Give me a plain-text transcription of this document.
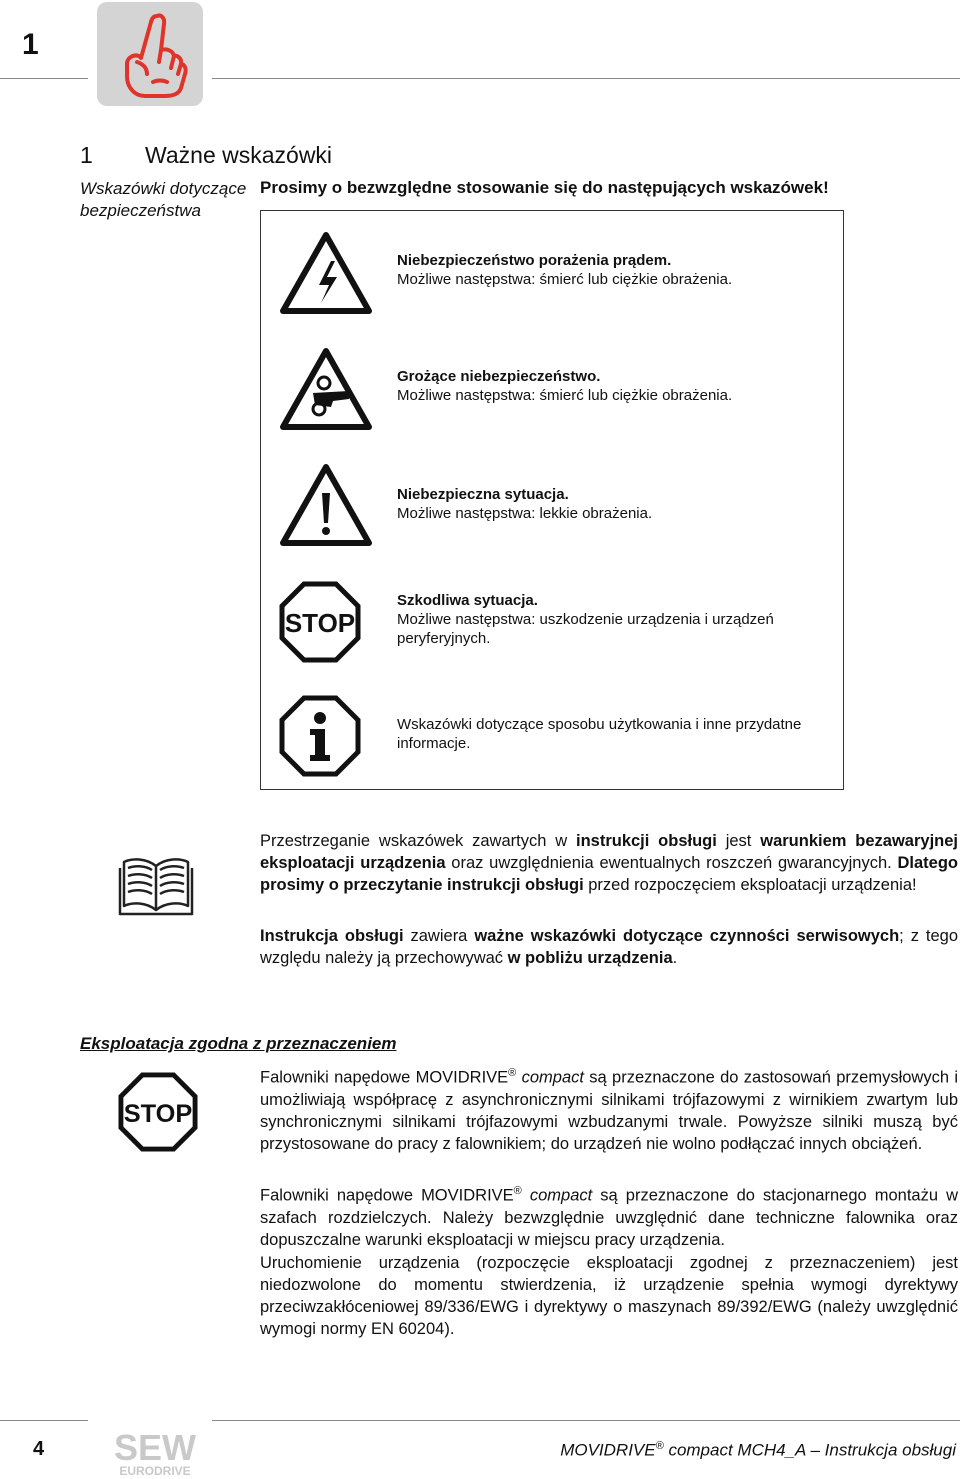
1
1 Ważne wskazówki
Wskazówki dotyczące bezpieczeństwa
Prosimy o bezwzględne stosowanie się do następujących wskazówek!
Niebezpieczeństwo porażenia prądem.
Możliwe następstwa: śmierć lub ciężkie obrażenia.
Grożące niebezpieczeństwo.
Możliwe następstwa: śmierć lub ciężkie obrażenia.
Niebezpieczna sytuacja.
Możliwe następstwa: lekkie obrażenia.
STOP
Szkodliwa sytuacja.
Możliwe następstwa: uszkodzenie urządzenia i urządzeń peryferyjnych.
Wskazówki dotyczące sposobu użytkowania i inne przydatne informacje.
Przestrzeganie wskazówek zawartych w instrukcji obsługi jest warunkiem bezawaryjnej eksploatacji urządzenia oraz uwzględnienia ewentualnych roszczeń gwarancyjnych. Dlatego prosimy o przeczytanie instrukcji obsługi przed rozpoczęciem eksploatacji urządzenia!
Instrukcja obsługi zawiera ważne wskazówki dotyczące czynności serwisowych; z tego względu należy ją przechowywać w pobliżu urządzenia.
Eksploatacja zgodna z przeznaczeniem
STOP
Falowniki napędowe MOVIDRIVE® compact są przeznaczone do zastosowań przemysłowych i umożliwiają współpracę z asynchronicznymi silnikami trójfazowymi z wirnikiem zwartym lub synchronicznymi silnikami trójfazowymi wzbudzanymi trwale. Powyższe silniki muszą być przystosowane do pracy z falownikiem; do urządzeń nie wolno podłączać innych obciążeń.
Falowniki napędowe MOVIDRIVE® compact są przeznaczone do stacjonarnego montażu w szafach rozdzielczych. Należy bezwzględnie uwzględnić dane techniczne falownika oraz dopuszczalne warunki eksploatacji w miejscu pracy urządzenia.
Uruchomienie urządzenia (rozpoczęcie eksploatacji zgodnej z przeznaczeniem) jest niedozwolone do momentu stwierdzenia, iż urządzenie spełnia wymogi dyrektywy przeciwzakłóceniowej 89/336/EWG i dyrektywy o maszynach 89/392/EWG (należy uwzględnić wymogi normy EN 60204).
4 SEW
EURODRIVE
MOVIDRIVE® compact MCH4_A – Instrukcja obsługi
